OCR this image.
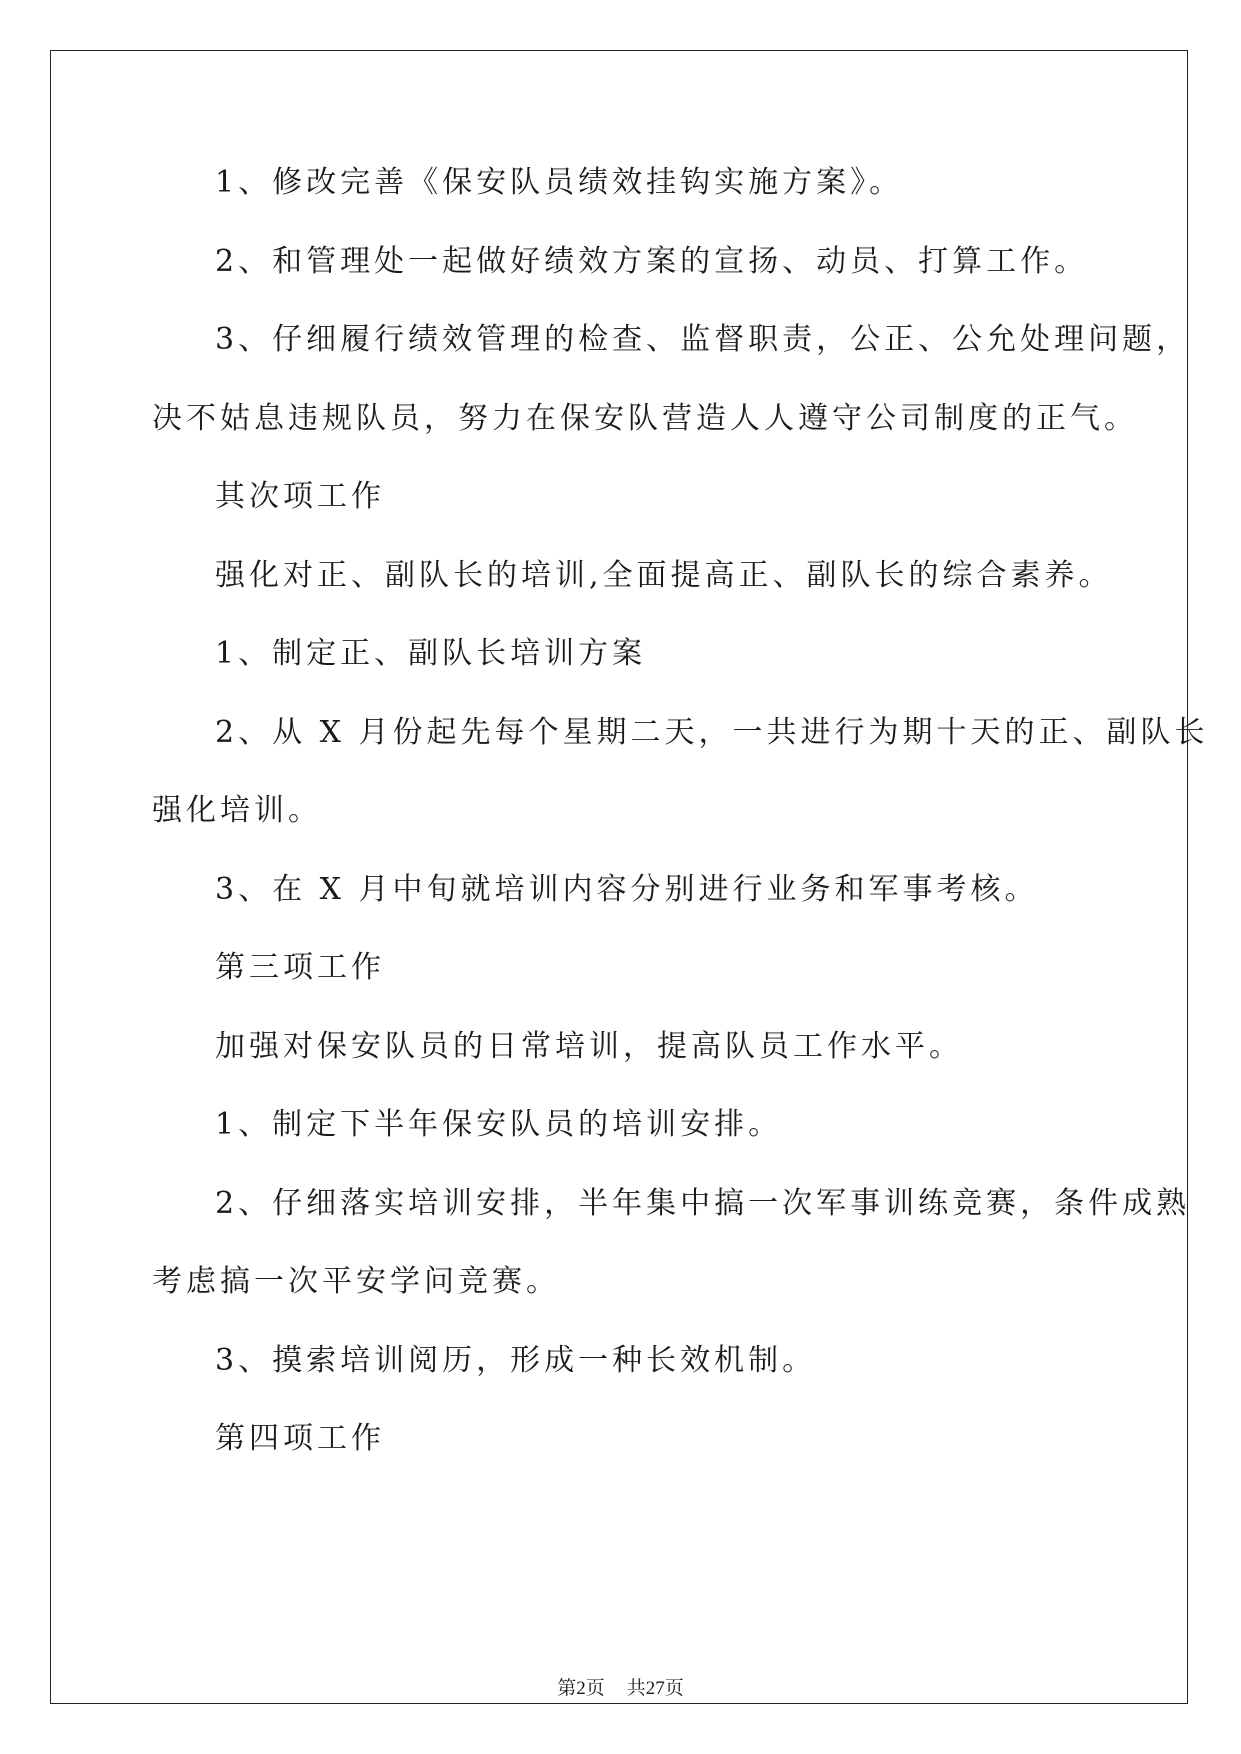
1、修改完善《保安队员绩效挂钩实施方案》。
2、和管理处一起做好绩效方案的宣扬、动员、打算工作。
3、仔细履行绩效管理的检查、监督职责，公正、公允处理问题，
决不姑息违规队员，努力在保安队营造人人遵守公司制度的正气。
其次项工作
强化对正、副队长的培训,全面提高正、副队长的综合素养。
1、制定正、副队长培训方案
2、从 X 月份起先每个星期二天，一共进行为期十天的正、副队长
强化培训。
3、在 X 月中旬就培训内容分别进行业务和军事考核。
第三项工作
加强对保安队员的日常培训，提高队员工作水平。
1、制定下半年保安队员的培训安排。
2、仔细落实培训安排，半年集中搞一次军事训练竞赛，条件成熟
考虑搞一次平安学问竞赛。
3、摸索培训阅历，形成一种长效机制。
第四项工作
第2页 共27页
